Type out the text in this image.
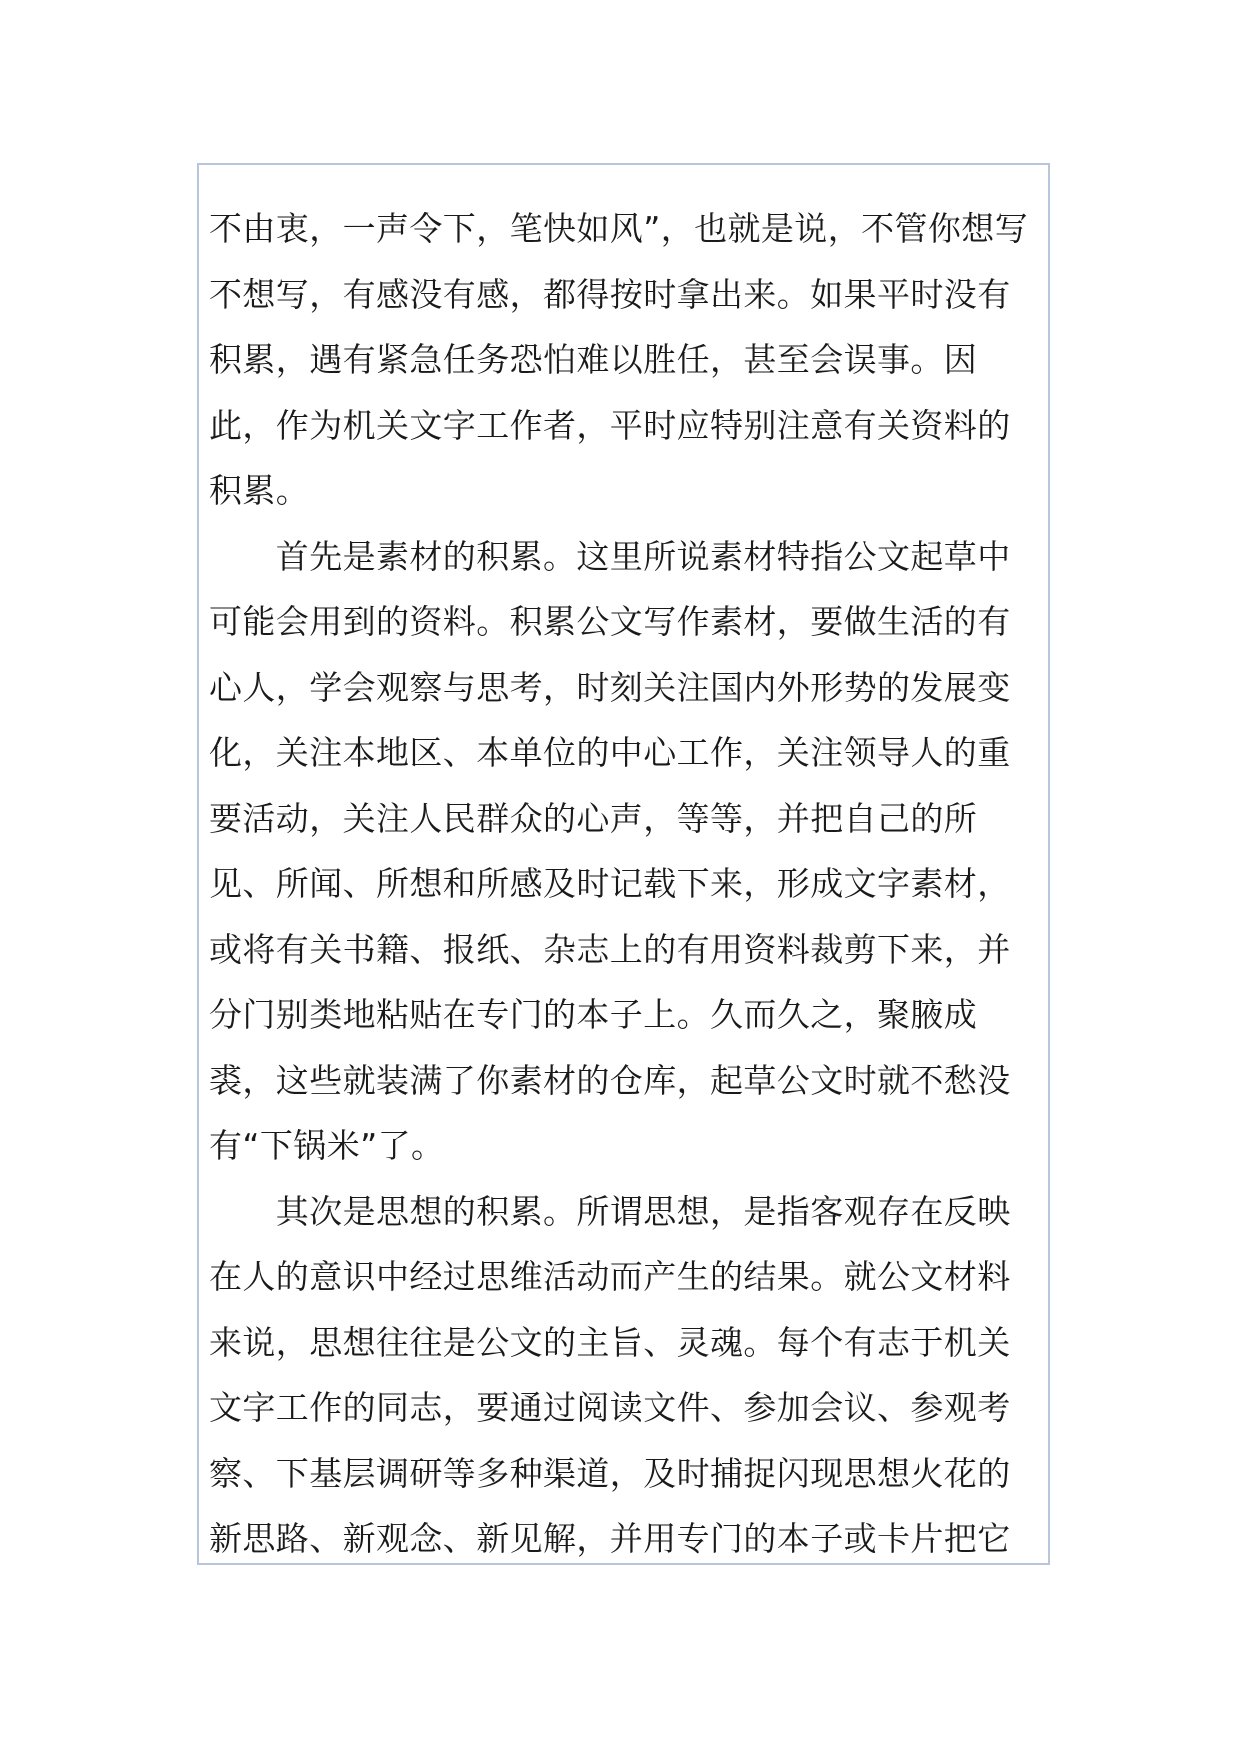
不由衷，一声令下，笔快如风”，也就是说，不管你想写
不想写，有感没有感，都得按时拿出来。如果平时没有
积累，遇有紧急任务恐怕难以胜任，甚至会误事。因
此，作为机关文字工作者，平时应特别注意有关资料的
积累。
　　首先是素材的积累。这里所说素材特指公文起草中
可能会用到的资料。积累公文写作素材，要做生活的有
心人，学会观察与思考，时刻关注国内外形势的发展变
化，关注本地区、本单位的中心工作，关注领导人的重
要活动，关注人民群众的心声，等等，并把自己的所
见、所闻、所想和所感及时记载下来，形成文字素材，
或将有关书籍、报纸、杂志上的有用资料裁剪下来，并
分门别类地粘贴在专门的本子上。久而久之，聚腋成
裘，这些就装满了你素材的仓库，起草公文时就不愁没
有“下锅米”了。
　　其次是思想的积累。所谓思想，是指客观存在反映
在人的意识中经过思维活动而产生的结果。就公文材料
来说，思想往往是公文的主旨、灵魂。每个有志于机关
文字工作的同志，要通过阅读文件、参加会议、参观考
察、下基层调研等多种渠道，及时捕捉闪现思想火花的
新思路、新观念、新见解，并用专门的本子或卡片把它
